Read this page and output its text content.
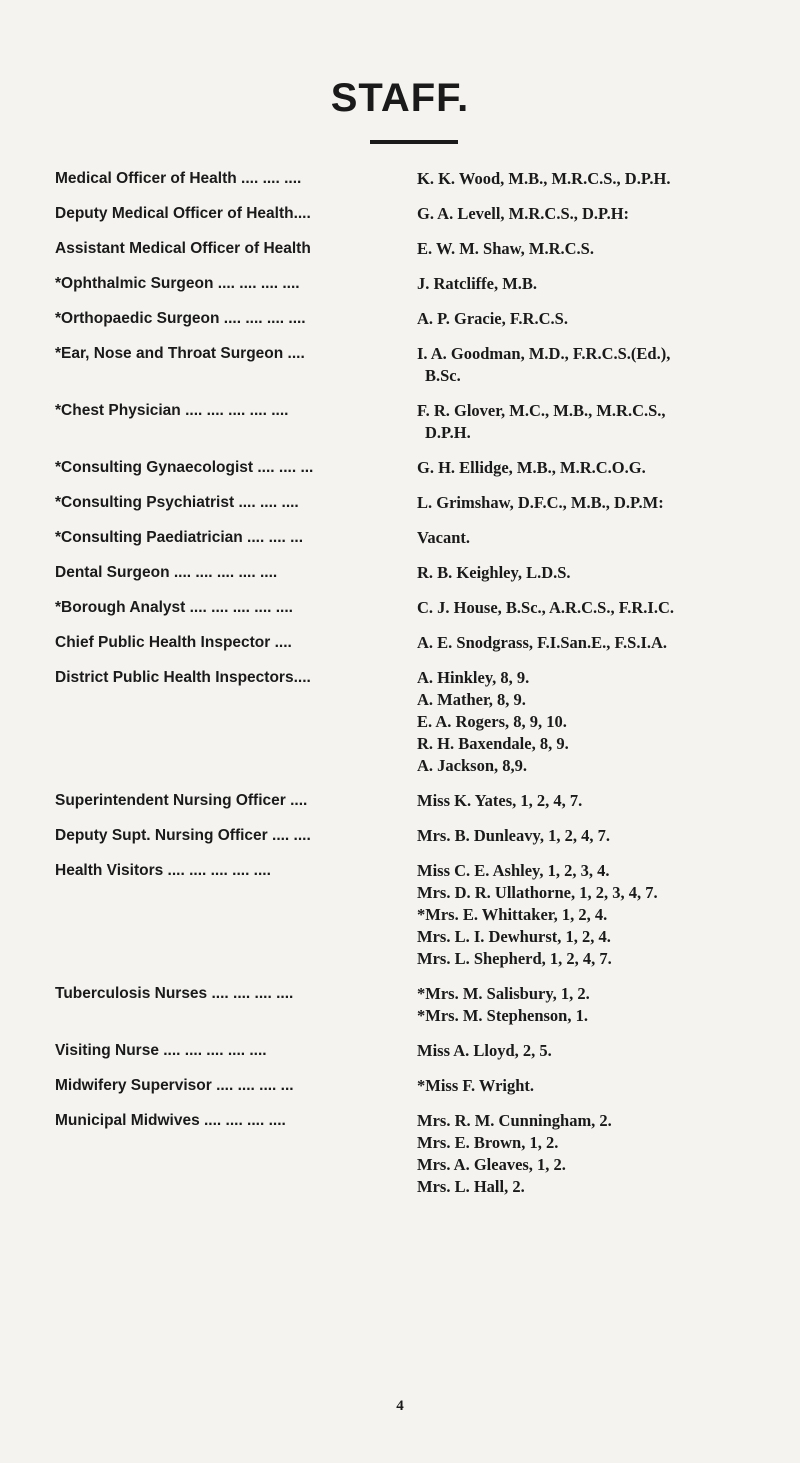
STAFF.
Medical Officer of Health .... .... ....	K. K. Wood, M.B., M.R.C.S., D.P.H.
Deputy Medical Officer of Health....	G. A. Levell, M.R.C.S., D.P.H:
Assistant Medical Officer of Health	E. W. M. Shaw, M.R.C.S.
*Ophthalmic Surgeon .... .... .... ....	J. Ratcliffe, M.B.
*Orthopaedic Surgeon .... .... .... ....	A. P. Gracie, F.R.C.S.
*Ear, Nose and Throat Surgeon ....	I. A. Goodman, M.D., F.R.C.S.(Ed.),
B.Sc.
*Chest Physician .... .... .... .... ....	F. R. Glover, M.C., M.B., M.R.C.S.,
D.P.H.
*Consulting Gynaecologist .... .... ...	G. H. Ellidge, M.B., M.R.C.O.G.
*Consulting Psychiatrist .... .... ....	L. Grimshaw, D.F.C., M.B., D.P.M:
*Consulting Paediatrician .... .... ...	Vacant.
Dental Surgeon .... .... .... .... ....	R. B. Keighley, L.D.S.
*Borough Analyst .... .... .... .... ....	C. J. House, B.Sc., A.R.C.S., F.R.I.C.
Chief Public Health Inspector ....	A. E. Snodgrass, F.I.San.E., F.S.I.A.
District Public Health Inspectors....	A. Hinkley, 8, 9.
A. Mather, 8, 9.
E. A. Rogers, 8, 9, 10.
R. H. Baxendale, 8, 9.
A. Jackson, 8,9.
Superintendent Nursing Officer ....	Miss K. Yates, 1, 2, 4, 7.
Deputy Supt. Nursing Officer .... ....	Mrs. B. Dunleavy, 1, 2, 4, 7.
Health Visitors .... .... .... .... ....	Miss C. E. Ashley, 1, 2, 3, 4.
Mrs. D. R. Ullathorne, 1, 2, 3, 4, 7.
*Mrs. E. Whittaker, 1, 2, 4.
Mrs. L. I. Dewhurst, 1, 2, 4.
Mrs. L. Shepherd, 1, 2, 4, 7.
Tuberculosis Nurses .... .... .... ....	*Mrs. M. Salisbury, 1, 2.
*Mrs. M. Stephenson, 1.
Visiting Nurse .... .... .... .... ....	Miss A. Lloyd, 2, 5.
Midwifery Supervisor .... .... .... ...	*Miss F. Wright.
Municipal Midwives .... .... .... ....	Mrs. R. M. Cunningham, 2.
Mrs. E. Brown, 1, 2.
Mrs. A. Gleaves, 1, 2.
Mrs. L. Hall, 2.
4
